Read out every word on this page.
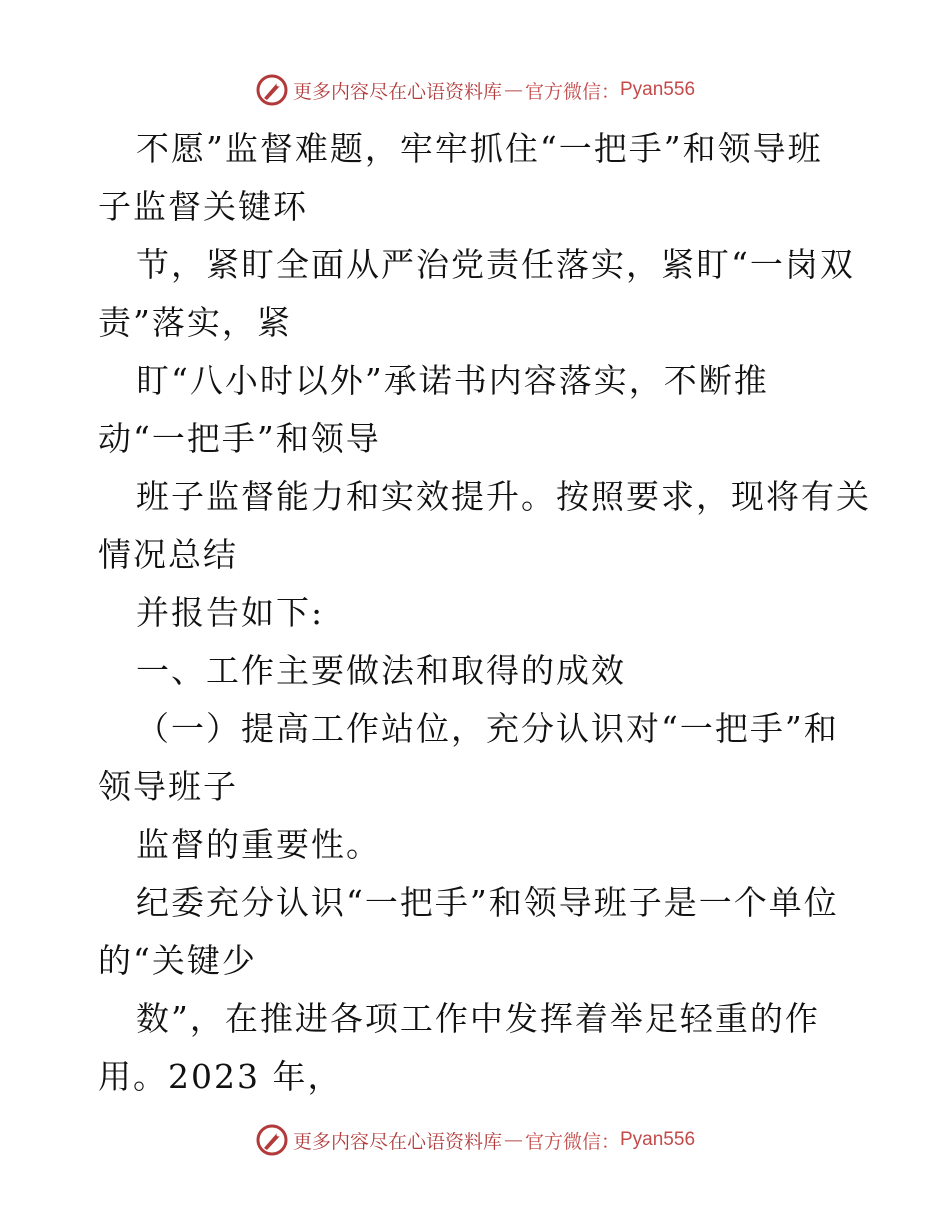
更多内容尽在心语资料库 — 官方微信： Pyan556
不愿”监督难题，牢牢抓住“一把手”和领导班
子监督关键环
节，紧盯全面从严治党责任落实，紧盯“一岗双
责”落实，紧
盯“八小时以外”承诺书内容落实，不断推
动“一把手”和领导
班子监督能力和实效提升。按照要求，现将有关
情况总结
并报告如下:
一、工作主要做法和取得的成效
（一）提高工作站位，充分认识对“一把手”和
领导班子
监督的重要性。
纪委充分认识“一把手”和领导班子是一个单位
的“关键少
数”，在推进各项工作中发挥着举足轻重的作
用。2023 年，
更多内容尽在心语资料库 — 官方微信： Pyan556
